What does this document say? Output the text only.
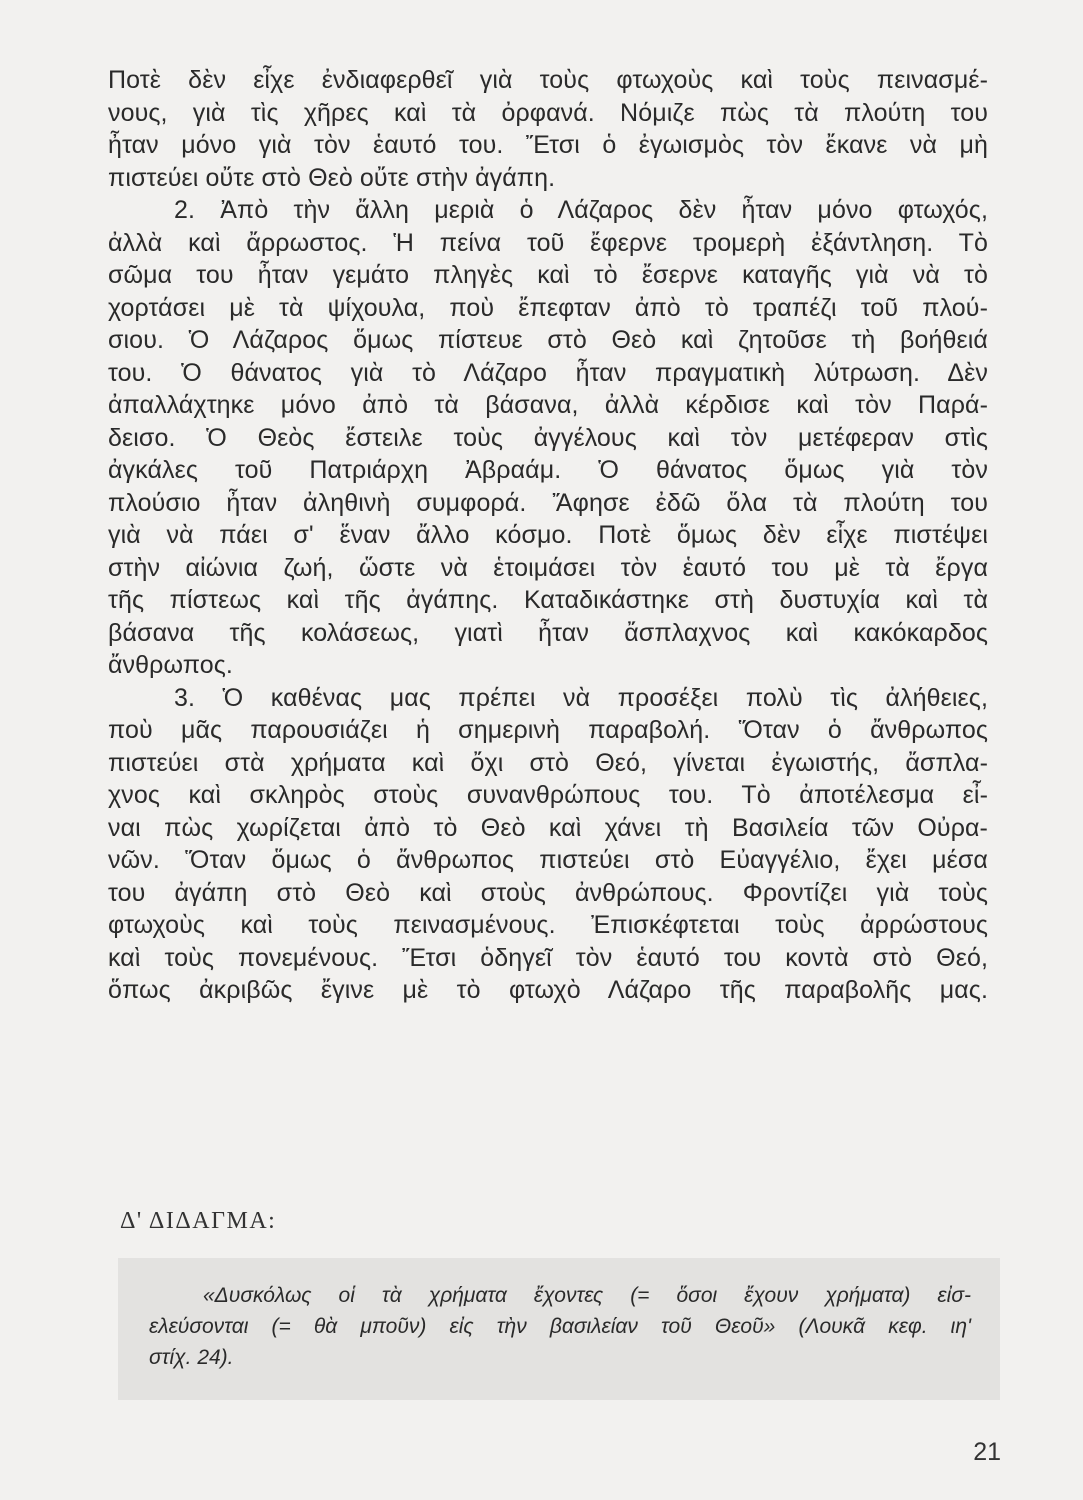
Ποτὲ δὲν εἶχε ἐνδιαφερθεῖ γιὰ τοὺς φτωχοὺς καὶ τοὺς πεινασμέ-
νους, γιὰ τὶς χῆρες καὶ τὰ ὀρφανά. Νόμιζε πὼς τὰ πλούτη του
ἦταν μόνο γιὰ τὸν ἑαυτό του. Ἔτσι ὁ ἐγωισμὸς τὸν ἔκανε νὰ μὴ
πιστεύει οὔτε στὸ Θεὸ οὔτε στὴν ἀγάπη.
2. Ἀπὸ τὴν ἄλλη μεριὰ ὁ Λάζαρος δὲν ἦταν μόνο φτωχός,
ἀλλὰ καὶ ἄρρωστος. Ἡ πείνα τοῦ ἔφερνε τρομερὴ ἐξάντληση. Τὸ
σῶμα του ἦταν γεμάτο πληγὲς καὶ τὸ ἔσερνε καταγῆς γιὰ νὰ τὸ
χορτάσει μὲ τὰ ψίχουλα, ποὺ ἔπεφταν ἀπὸ τὸ τραπέζι τοῦ πλού-
σιου. Ὁ Λάζαρος ὅμως πίστευε στὸ Θεὸ καὶ ζητοῦσε τὴ βοήθειά
του. Ὁ θάνατος γιὰ τὸ Λάζαρο ἦταν πραγματικὴ λύτρωση. Δὲν
ἀπαλλάχτηκε μόνο ἀπὸ τὰ βάσανα, ἀλλὰ κέρδισε καὶ τὸν Παρά-
δεισο. Ὁ Θεὸς ἔστειλε τοὺς ἀγγέλους καὶ τὸν μετέφεραν στὶς
ἀγκάλες τοῦ Πατριάρχη Ἀβραάμ. Ὁ θάνατος ὅμως γιὰ τὸν
πλούσιο ἦταν ἀληθινὴ συμφορά. Ἄφησε ἐδῶ ὅλα τὰ πλούτη του
γιὰ νὰ πάει σ' ἕναν ἄλλο κόσμο. Ποτὲ ὅμως δὲν εἶχε πιστέψει
στὴν αἰώνια ζωή, ὥστε νὰ ἑτοιμάσει τὸν ἑαυτό του μὲ τὰ ἔργα
τῆς πίστεως καὶ τῆς ἀγάπης. Καταδικάστηκε στὴ δυστυχία καὶ τὰ
βάσανα τῆς κολάσεως, γιατὶ ἦταν ἄσπλαχνος καὶ κακόκαρδος
ἄνθρωπος.
3. Ὁ καθένας μας πρέπει νὰ προσέξει πολὺ τὶς ἀλήθειες,
ποὺ μᾶς παρουσιάζει ἡ σημερινὴ παραβολή. Ὅταν ὁ ἄνθρωπος
πιστεύει στὰ χρήματα καὶ ὄχι στὸ Θεό, γίνεται ἐγωιστής, ἄσπλα-
χνος καὶ σκληρὸς στοὺς συνανθρώπους του. Τὸ ἀποτέλεσμα εἶ-
ναι πὼς χωρίζεται ἀπὸ τὸ Θεὸ καὶ χάνει τὴ Βασιλεία τῶν Οὐρα-
νῶν. Ὅταν ὅμως ὁ ἄνθρωπος πιστεύει στὸ Εὐαγγέλιο, ἔχει μέσα
του ἀγάπη στὸ Θεὸ καὶ στοὺς ἀνθρώπους. Φροντίζει γιὰ τοὺς
φτωχοὺς καὶ τοὺς πεινασμένους. Ἐπισκέφτεται τοὺς ἀρρώστους
καὶ τοὺς πονεμένους. Ἔτσι ὁδηγεῖ τὸν ἑαυτό του κοντὰ στὸ Θεό,
ὅπως ἀκριβῶς ἔγινε μὲ τὸ φτωχὸ Λάζαρο τῆς παραβολῆς μας.
Δ' ΔΙΔΑΓΜΑ:
«Δυσκόλως οἱ τὰ χρήματα ἔχοντες (= ὅσοι ἔχουν χρήματα) εἰσ-
ελεύσονται (= θὰ μποῦν) εἰς τὴν βασιλείαν τοῦ Θεοῦ» (Λουκᾶ κεφ. ιη'
στίχ. 24).
21
